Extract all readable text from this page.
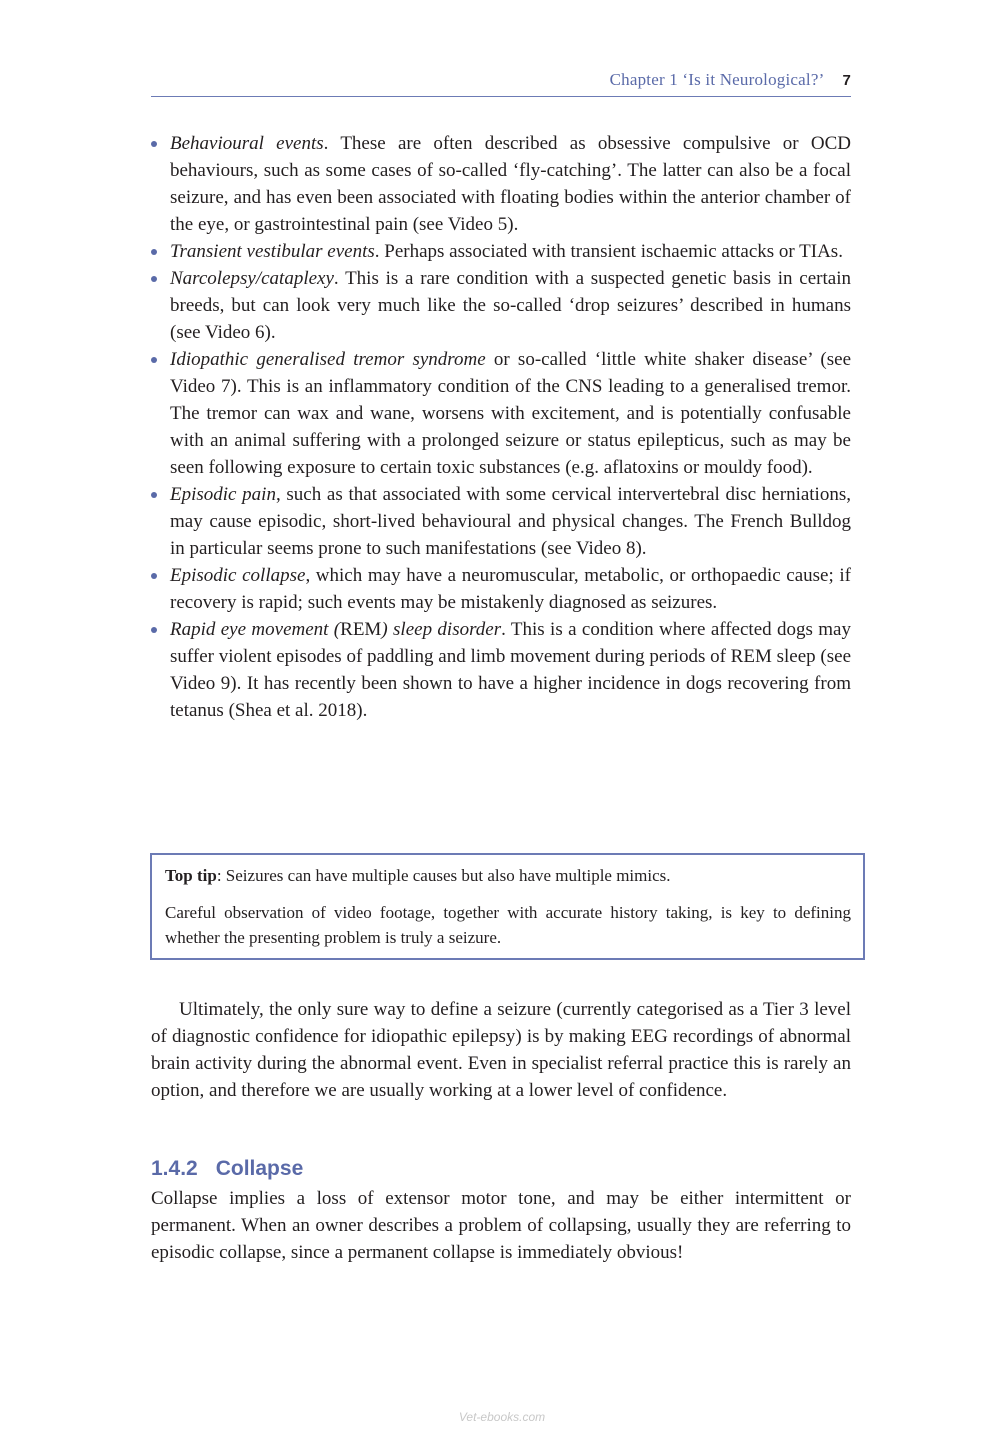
Chapter 1 ‘Is it Neurological?’ 7
Behavioural events. These are often described as obsessive compulsive or OCD behaviours, such as some cases of so-called ‘fly-catching’. The latter can also be a focal seizure, and has even been associated with floating bodies within the anterior chamber of the eye, or gastrointestinal pain (see Video 5).
Transient vestibular events. Perhaps associated with transient ischaemic attacks or TIAs.
Narcolepsy/cataplexy. This is a rare condition with a suspected genetic basis in certain breeds, but can look very much like the so-called ‘drop seizures’ described in humans (see Video 6).
Idiopathic generalised tremor syndrome or so-called ‘little white shaker disease’ (see Video 7). This is an inflammatory condition of the CNS leading to a generalised tremor. The tremor can wax and wane, worsens with excitement, and is potentially confusable with an animal suffering with a prolonged seizure or status epilepticus, such as may be seen following exposure to certain toxic substances (e.g. aflatoxins or mouldy food).
Episodic pain, such as that associated with some cervical intervertebral disc herniations, may cause episodic, short-lived behavioural and physical changes. The French Bulldog in particular seems prone to such manifestations (see Video 8).
Episodic collapse, which may have a neuromuscular, metabolic, or orthopaedic cause; if recovery is rapid; such events may be mistakenly diagnosed as seizures.
Rapid eye movement (REM) sleep disorder. This is a condition where affected dogs may suffer violent episodes of paddling and limb movement during periods of REM sleep (see Video 9). It has recently been shown to have a higher incidence in dogs recovering from tetanus (Shea et al. 2018).

Top tip: Seizures can have multiple causes but also have multiple mimics.

Careful observation of video footage, together with accurate history taking, is key to defining whether the presenting problem is truly a seizure.

Ultimately, the only sure way to define a seizure (currently categorised as a Tier 3 level of diagnostic confidence for idiopathic epilepsy) is by making EEG recordings of abnormal brain activity during the abnormal event. Even in specialist referral practice this is rarely an option, and therefore we are usually working at a lower level of confidence.

1.4.2 Collapse

Collapse implies a loss of extensor motor tone, and may be either intermittent or permanent. When an owner describes a problem of collapsing, usually they are referring to episodic collapse, since a permanent collapse is immediately obvious!

Vet-ebooks.com
